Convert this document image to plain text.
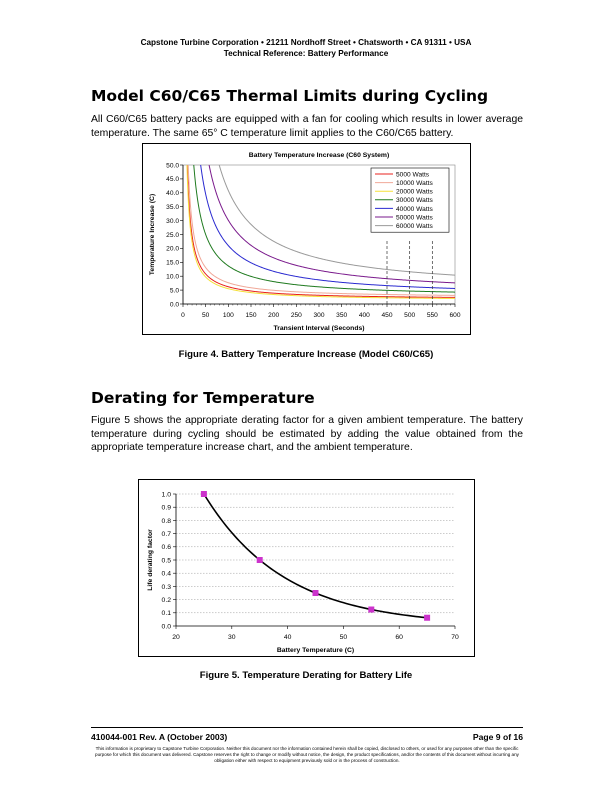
Capstone Turbine Corporation • 21211 Nordhoff Street • Chatsworth • CA 91311 • USA
Technical Reference: Battery Performance
Model C60/C65 Thermal Limits during Cycling
All C60/C65 battery packs are equipped with a fan for cooling which results in lower average temperature. The same 65° C temperature limit applies to the C60/C65 battery.
Battery Temperature Increase (C60 System)
0.0
5.0
10.0
15.0
20.0
25.0
30.0
35.0
40.0
45.0
50.0
0	50 100 150 200 250 300 350 400 450 500 550 600
Transient Interval (Seconds)
Temperature Increase (C)
5000 Watts
10000 Watts
20000 Watts
30000 Watts
40000 Watts
50000 Watts
60000 Watts
Figure 4. Battery Temperature Increase (Model C60/C65)
Derating for Temperature
Figure 5 shows the appropriate derating factor for a given ambient temperature. The battery temperature during cycling should be estimated by adding the value obtained from the appropriate temperature increase chart, and the ambient temperature.
0.0
0.1
0.2
0.3
0.4
0.5
0.6
0.7
0.8
0.9
1.0
20	30	40	50	60	70
Battery Temperature (C)
Life derating factor
Figure 5. Temperature Derating for Battery Life
410044-001 Rev. A (October 2003)	Page 9 of 16
This information is proprietary to Capstone Turbine Corporation. Neither this document nor the information contained herein shall be copied, disclosed to others, or used for any purposes other than the specific purpose for which this document was delivered. Capstone reserves the right to change or modify without notice, the design, the product specifications, and/or the contents of this document without incurring any obligation either with respect to equipment previously sold or in the process of construction.
